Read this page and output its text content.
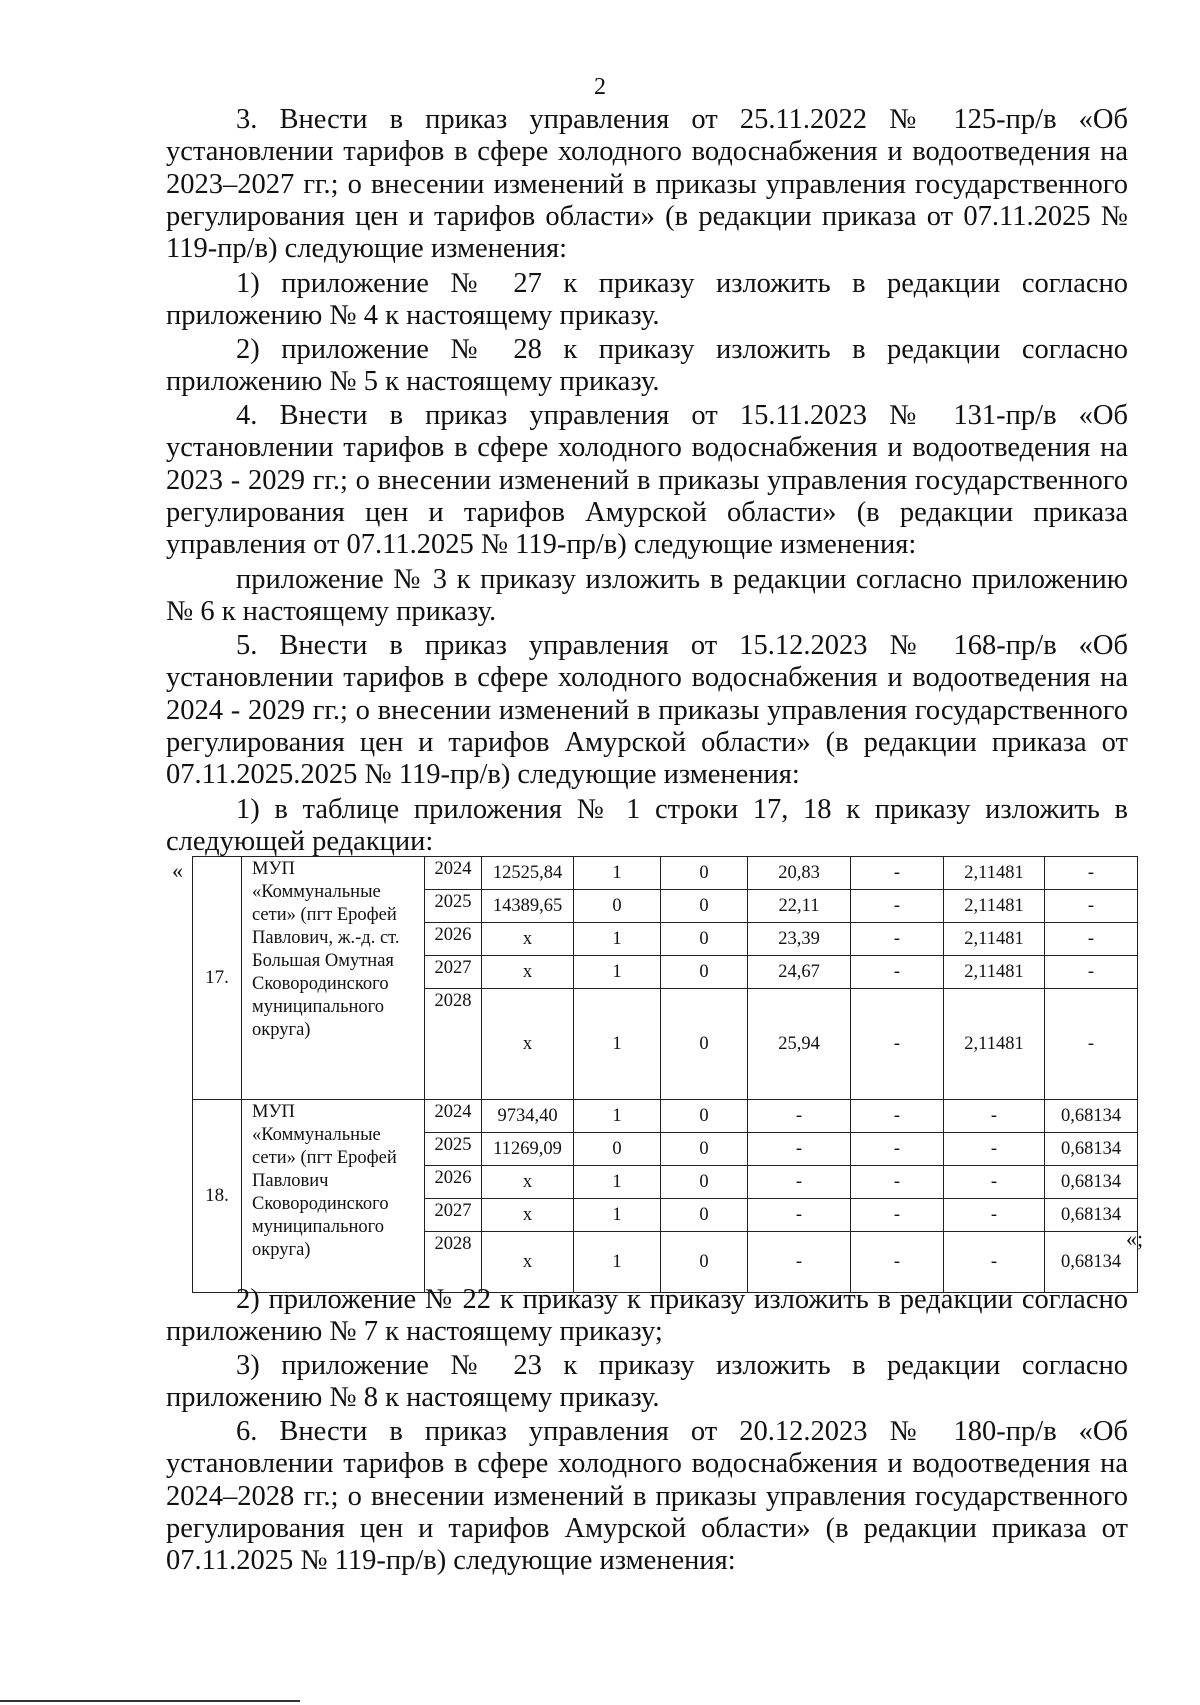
2
3. Внести в приказ управления от 25.11.2022 № 125-пр/в «Об установлении тарифов в сфере холодного водоснабжения и водоотведения на 2023–2027 гг.; о внесении изменений в приказы управления государственного регулирования цен и тарифов области» (в редакции приказа от 07.11.2025 № 119-пр/в) следующие изменения:
1) приложение № 27 к приказу изложить в редакции согласно приложению № 4 к настоящему приказу.
2) приложение № 28 к приказу изложить в редакции согласно приложению № 5 к настоящему приказу.
4. Внести в приказ управления от 15.11.2023 № 131-пр/в «Об установлении тарифов в сфере холодного водоснабжения и водоотведения на 2023 - 2029 гг.; о внесении изменений в приказы управления государственного регулирования цен и тарифов Амурской области» (в редакции приказа управления от 07.11.2025 № 119-пр/в) следующие изменения:
приложение № 3 к приказу изложить в редакции согласно приложению № 6 к настоящему приказу.
5. Внести в приказ управления от 15.12.2023 № 168-пр/в «Об установлении тарифов в сфере холодного водоснабжения и водоотведения на 2024 - 2029 гг.; о внесении изменений в приказы управления государственного регулирования цен и тарифов Амурской области» (в редакции приказа от 07.11.2025.2025 № 119-пр/в) следующие изменения:
1) в таблице приложения № 1 строки 17, 18 к приказу изложить в следующей редакции:
«
17.	МУП «Коммунальные сети» (пгт Ерофей Павлович, ж.-д. ст. Большая Омутная Сковородинского муниципального округа)	2024	12525,84	1	0	20,83	-	2,11481	-
		2025	14389,65	0	0	22,11	-	2,11481	-
		2026	x	1	0	23,39	-	2,11481	-
		2027	x	1	0	24,67	-	2,11481	-
		2028	x	1	0	25,94	-	2,11481	-
18.	МУП «Коммунальные сети» (пгт Ерофей Павлович Сковородинского муниципального округа)	2024	9734,40	1	0	-	-	-	0,68134
		2025	11269,09	0	0	-	-	-	0,68134
		2026	x	1	0	-	-	-	0,68134
		2027	x	1	0	-	-	-	0,68134
		2028	x	1	0	-	-	-	0,68134
«;
2) приложение № 22 к приказу к приказу изложить в редакции согласно приложению № 7 к настоящему приказу;
3) приложение № 23 к приказу изложить в редакции согласно приложению № 8 к настоящему приказу.
6. Внести в приказ управления от 20.12.2023 № 180-пр/в «Об установлении тарифов в сфере холодного водоснабжения и водоотведения на 2024–2028 гг.; о внесении изменений в приказы управления государственного регулирования цен и тарифов Амурской области» (в редакции приказа от 07.11.2025 № 119-пр/в) следующие изменения:
